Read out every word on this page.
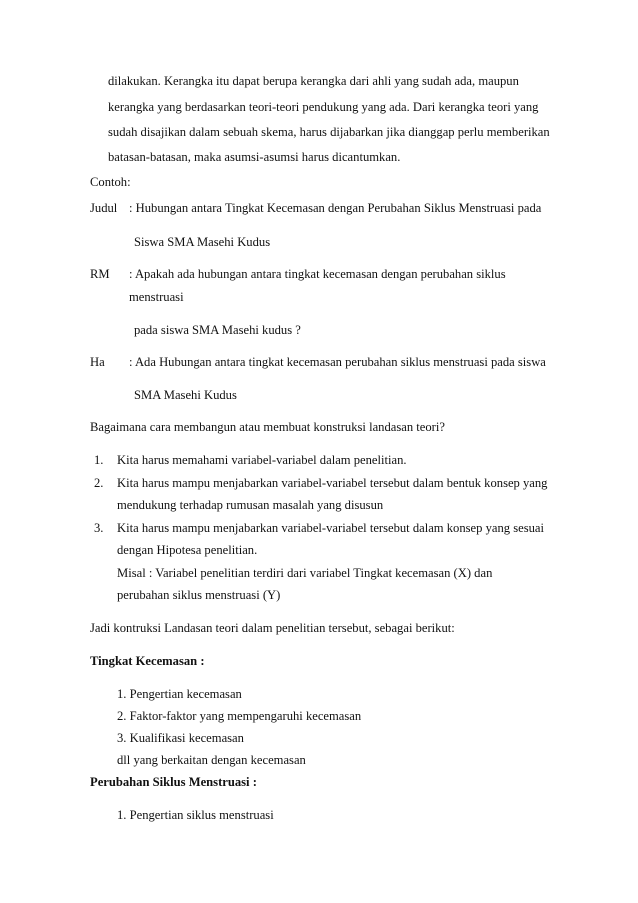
dilakukan. Kerangka itu dapat berupa kerangka dari ahli yang sudah ada, maupun
kerangka yang berdasarkan teori-teori pendukung yang ada. Dari kerangka teori yang
sudah disajikan dalam sebuah skema, harus dijabarkan jika dianggap perlu memberikan
batasan-batasan, maka asumsi-asumsi harus dicantumkan.
Contoh:
Judul : Hubungan antara Tingkat Kecemasan dengan Perubahan Siklus Menstruasi pada
Siswa SMA Masehi Kudus
RM : Apakah ada hubungan antara tingkat kecemasan dengan perubahan siklus
menstruasi
pada siswa SMA Masehi kudus ?
Ha : Ada Hubungan antara tingkat kecemasan perubahan siklus menstruasi pada siswa
SMA Masehi Kudus
Bagaimana cara membangun atau membuat konstruksi landasan teori?
1. Kita harus memahami variabel-variabel dalam penelitian.
2. Kita harus mampu menjabarkan variabel-variabel tersebut dalam bentuk konsep yang
mendukung terhadap rumusan masalah yang disusun
3. Kita harus mampu menjabarkan variabel-variabel tersebut dalam konsep yang sesuai
dengan Hipotesa penelitian.
Misal : Variabel penelitian terdiri dari variabel Tingkat kecemasan (X) dan
perubahan siklus menstruasi (Y)
Jadi kontruksi Landasan teori dalam penelitian tersebut, sebagai berikut:
Tingkat Kecemasan :
1. Pengertian kecemasan
2. Faktor-faktor yang mempengaruhi kecemasan
3. Kualifikasi kecemasan
dll yang berkaitan dengan kecemasan
Perubahan Siklus Menstruasi :
1. Pengertian siklus menstruasi
